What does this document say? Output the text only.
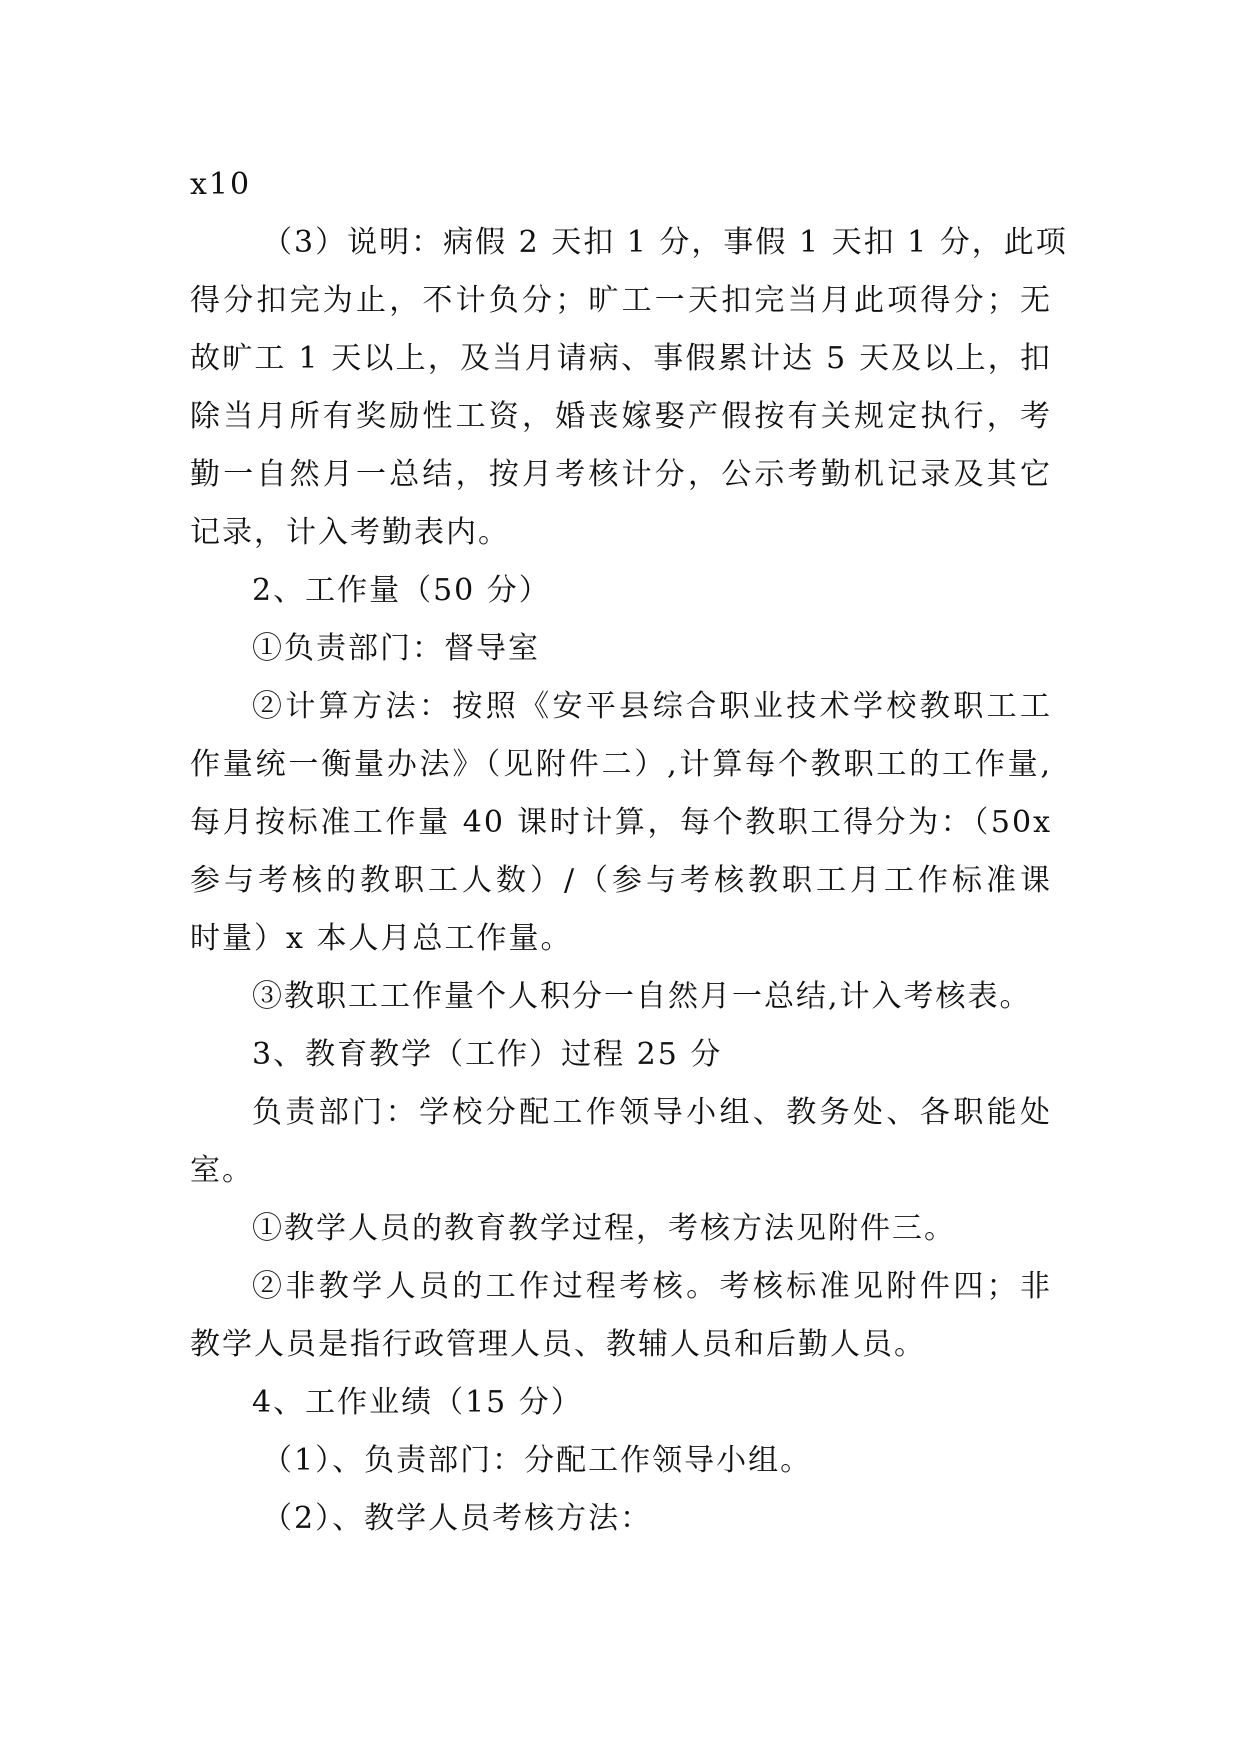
x10
（3）说明：病假 2 天扣 1 分，事假 1 天扣 1 分，此项
得分扣完为止，不计负分；旷工一天扣完当月此项得分；无
故旷工 1 天以上，及当月请病、事假累计达 5 天及以上，扣
除当月所有奖励性工资，婚丧嫁娶产假按有关规定执行，考
勤一自然月一总结，按月考核计分，公示考勤机记录及其它
记录，计入考勤表内。
2、工作量（50 分）
①负责部门：督导室
②计算方法：按照《安平县综合职业技术学校教职工工
作量统一衡量办法》（见附件二）,计算每个教职工的工作量,
每月按标准工作量 40 课时计算，每个教职工得分为：（50x
参与考核的教职工人数）/（参与考核教职工月工作标准课
时量）x 本人月总工作量。
③教职工工作量个人积分一自然月一总结,计入考核表。
3、教育教学（工作）过程 25 分
负责部门：学校分配工作领导小组、教务处、各职能处
室。
①教学人员的教育教学过程，考核方法见附件三。
②非教学人员的工作过程考核。考核标准见附件四；非
教学人员是指行政管理人员、教辅人员和后勤人员。
4、工作业绩（15 分）
（1）、负责部门：分配工作领导小组。
（2）、教学人员考核方法：
